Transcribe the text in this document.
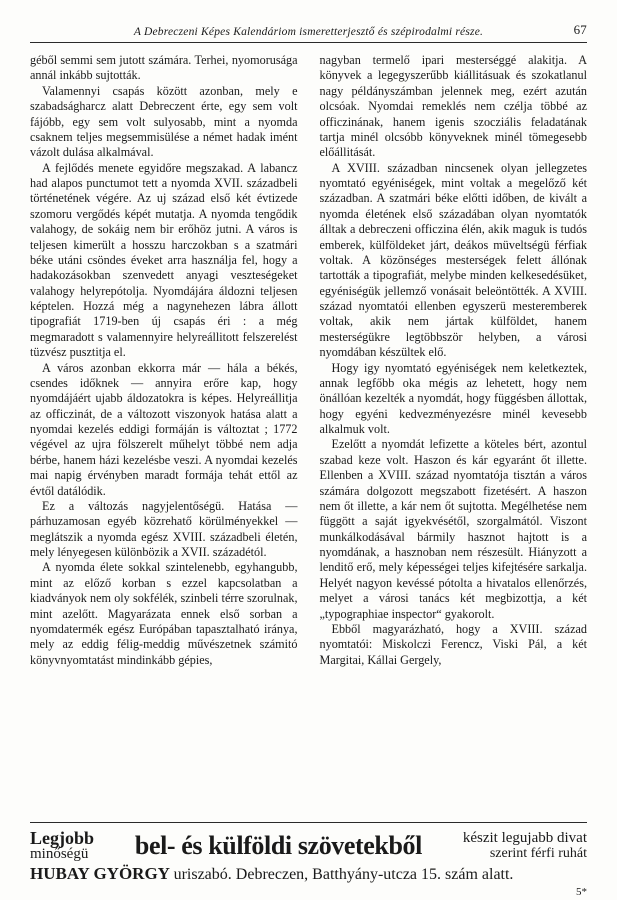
A Debreczeni Képes Kalendáriom ismeretterjesztő és szépirodalmi része.	67

géből semmi sem jutott számára. Terhei, nyomorusága annál inkább sujtották.

Valamennyi csapás között azonban, mely e szabadságharcz alatt Debreczent érte, egy sem volt fájóbb, egy sem volt sulyosabb, mint a nyomda csaknem teljes megsemmisülése a német hadak imént vázolt dulása alkalmával.

A fejlődés menete egyidőre megszakad. A labancz had alapos punctumot tett a nyomda XVII. századbeli történetének végére. Az uj század első két évtizede szomoru vergődés képét mutatja. A nyomda tengődik valahogy, de sokáig nem bir erőhöz jutni. A város is teljesen kimerült a hosszu harczokban s a szatmári béke utáni csöndes éveket arra használja fel, hogy a hadakozásokban szenvedett anyagi veszteségeket valahogy helyrepótolja. Nyomdájára áldozni teljesen képtelen. Hozzá még a nagynehezen lábra állott tipografiát 1719-ben új csapás éri : a még megmaradott s valamennyire helyreállitott felszerelést tüzvész pusztitja el.

A város azonban ekkorra már — hála a békés, csendes időknek — annyira erőre kap, hogy nyomdájáért ujabb áldozatokra is képes. Helyreállitja az officzinát, de a változott viszonyok hatása alatt a nyomdai kezelés eddigi formáján is változtat ; 1772 végével az ujra fölszerelt műhelyt többé nem adja bérbe, hanem házi kezelésbe veszi. A nyomdai kezelés mai napig érvényben maradt formája tehát ettől az évtől datálódik.

Ez a változás nagyjelentőségü. Hatása — párhuzamosan egyéb közrehatő körülményekkel — meglátszik a nyomda egész XVIII. századbeli életén, mely lényegesen különbözik a XVII. századétól.

A nyomda élete sokkal szintelenebb, egyhangubb, mint az előző korban s ezzel kapcsolatban a kiadványok nem oly sokfélék, szinbeli térre szorulnak, mint azelőtt. Magyarázata ennek első sorban a nyomdatermék egész Európában tapasztalható iránya, mely az eddig félig-meddig művészetnek számitó könyvnyomtatást mindinkább gépies,

nagyban termelő ipari mesterséggé alakitja. A könyvek a legegyszerűbb kiállitásuak és szokatlanul nagy példányszámban jelennek meg, ezért azután olcsóak. Nyomdai remeklés nem czélja többé az officzinának, hanem igenis szocziális feladatának tartja minél olcsóbb könyveknek minél tömegesebb előállitását.

A XVIII. században nincsenek olyan jellegzetes nyomtató egyéniségek, mint voltak a megelőző két században. A szatmári béke előtti időben, de kivált a nyomda életének első századában olyan nyomtatók álltak a debreczeni officzina élén, akik maguk is tudós emberek, külföldeket járt, deákos müveltségü férfiak voltak. A közönséges mesterségek felett állónak tartották a tipografiát, melybe minden kelkesedésüket, egyéniségük jellemző vonásait beleöntötték. A XVIII. század nyomtatói ellenben egyszerü mesteremberek voltak, akik nem jártak külföldet, hanem mesterségükre legtöbbször helyben, a városi nyomdában készültek elő.

Hogy igy nyomtató egyéniségek nem keletkeztek, annak legfőbb oka mégis az lehetett, hogy nem önállóan kezelték a nyomdát, hogy függésben állottak, hogy egyéni kedvezményezésre minél kevesebb alkalmuk volt.

Ezelőtt a nyomdát lefizette a köteles bért, azontul szabad keze volt. Haszon és kár egyaránt őt illette. Ellenben a XVIII. század nyomtatója tisztán a város számára dolgozott megszabott fizetésért. A haszon nem őt illette, a kár nem őt sujtotta. Megélhetése nem függött a saját igyekvésétől, szorgalmától. Viszont munkálkodásával bármily hasznot hajtott is a nyomdának, a hasznoban nem részesült. Hiányzott a lenditő erő, mely képességei teljes kifejtésére sarkalja. Helyét nagyon kevéssé pótolta a hivatalos ellenőrzés, melyet a városi tanács két megbizottja, a két „typographiae inspector“ gyakorolt.

Ebből magyarázható, hogy a XVIII. század nyomtatói: Miskolczi Ferencz, Viski Pál, a két Margitai, Kállai Gergely,

Legjobb
minőségü bel- és külföldi szövetekből	készit legujabb divat
szerint férfi ruhát
HUBAY GYÖRGY uriszabó. Debreczen, Batthyány-utcza 15. szám alatt.
5*
